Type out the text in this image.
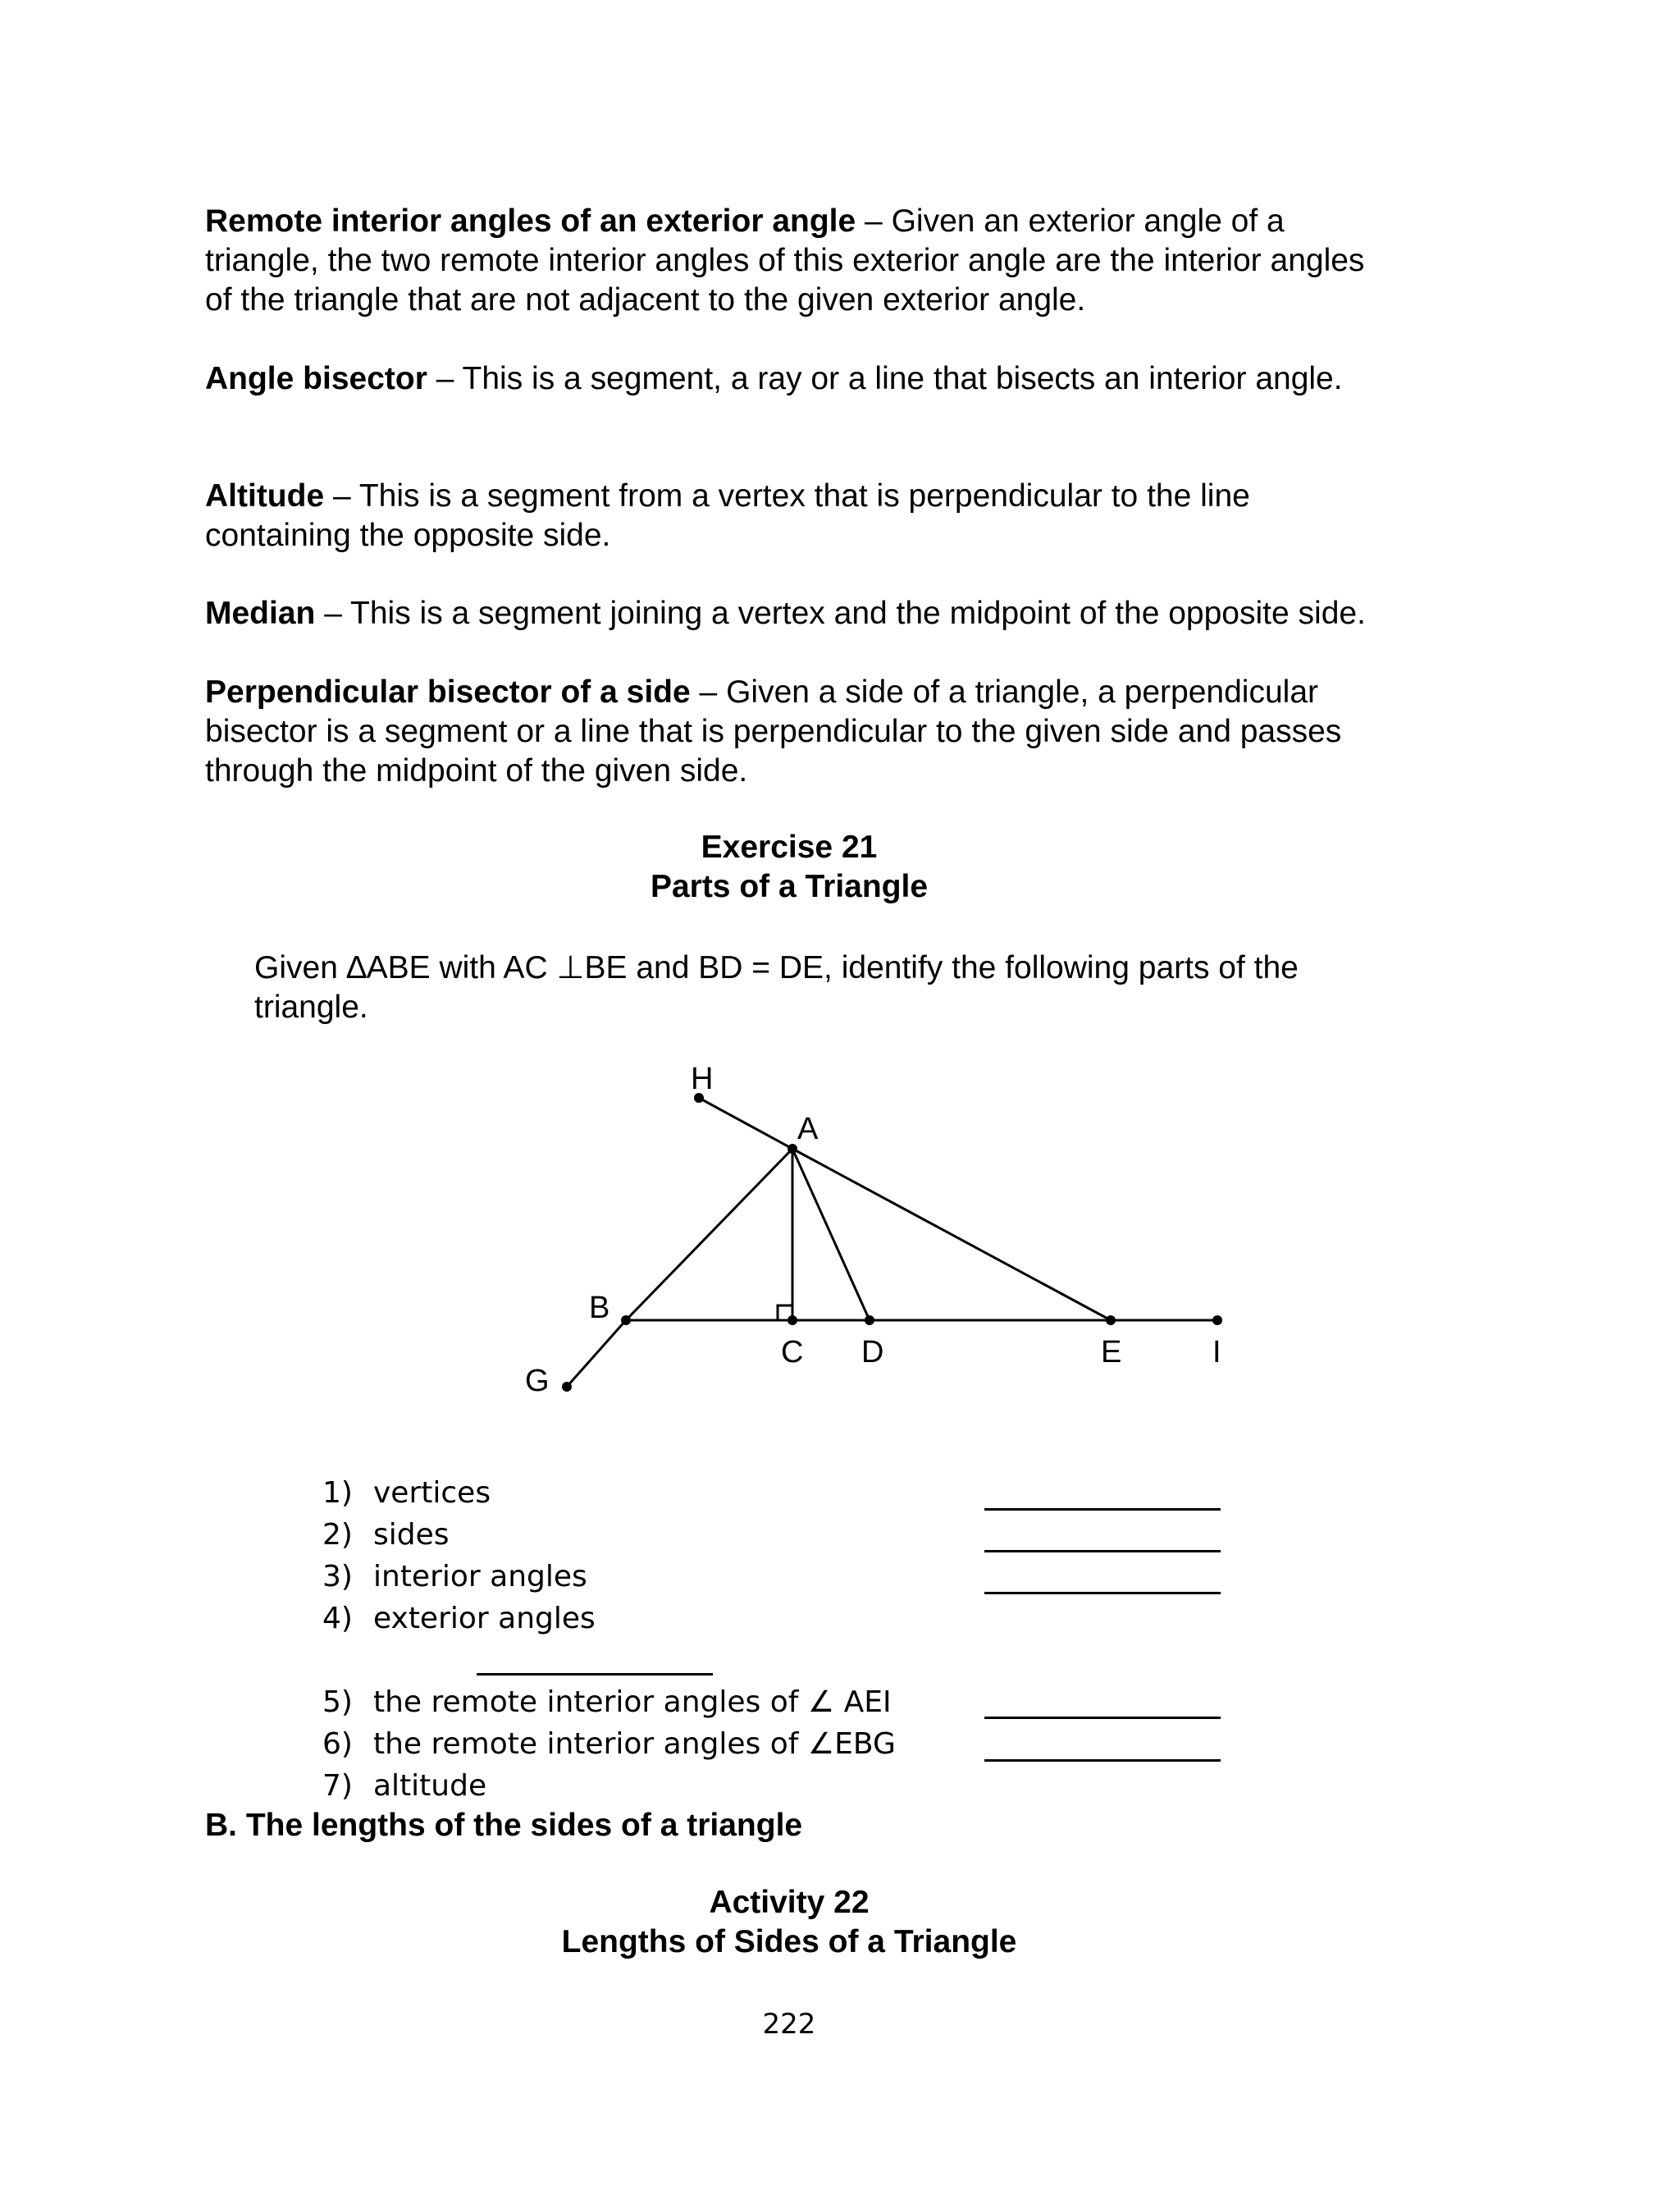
Remote interior angles of an exterior angle – Given an exterior angle of a triangle, the two remote interior angles of this exterior angle are the interior angles of the triangle that are not adjacent to the given exterior angle.
Angle bisector – This is a segment, a ray or a line that bisects an interior angle.
Altitude – This is a segment from a vertex that is perpendicular to the line containing the opposite side.
Median – This is a segment joining a vertex and the midpoint of the opposite side.
Perpendicular bisector of a side – Given a side of a triangle, a perpendicular bisector is a segment or a line that is perpendicular to the given side and passes through the midpoint of the given side.
Exercise 21
Parts of a Triangle
Given ∆ABE with AC ⊥BE and BD = DE, identify the following parts of the triangle.
H
A
B
C D	E	I
G
1) vertices
2) sides
3) interior angles
4) exterior angles
5) the remote interior angles of ∠ AEI
6) the remote interior angles of ∠EBG
7) altitude
B. The lengths of the sides of a triangle
Activity 22
Lengths of Sides of a Triangle
222
